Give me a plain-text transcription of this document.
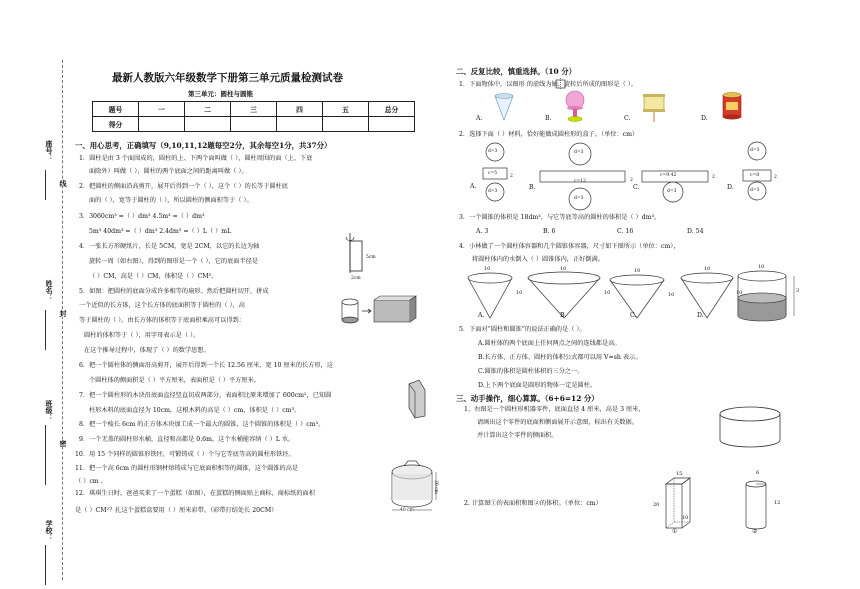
座号：
姓名：
班级：
学校：
线
封
密
最新人教版六年级数学下册第三单元质量检测试卷
第三单元：圆柱与圆锥
题号	一	二	三	四	五	总分
得分						
一、用心思考，正确填写（9,10,11,12题每空2分，其余每空1分，共37分）
1．圆柱是由 3 个面围成的，圆柱的上、下两个面叫做（ ），圆柱周围的面（上、下底
面除外）叫做（ ），圆柱的两个底面之间的距离叫做（ ）。
2．把圆柱的侧面沿高剪开，展开后得到一个（ ），这个（ ）的长等于圆柱底
面的（ ），宽等于圆柱的（ ），所以圆柱的侧面积等于（ ）。
3．3060cm³ =（ ）dm³ 4.5m³ =（ ）dm³
5m³ 40dm³ =（ ）dm³ 2.4dm³ =（ ）L（ ）mL
4．一张长方形硬纸片，长是 5CM，宽是 2CM，以它的长边为轴
旋转一周（如右图），得到的图形是一个（ ），它的底面半径是
（ ）CM，高是（ ）CM，体积是（ ）CM³。
5．如图：把圆柱的底面分成许多相等的扇形。然后把圆柱切开，拼成
一个近似的长方体，这个长方体的底面积等于圆柱的（ ），高
等于圆柱的（ ）。由长方体的体积等于底面积乘高可以得到：
圆柱的体积等于（ ），用字母表示是（ ）。
在这个推导过程中，体现了（ ）的数学思想。
6．把一个圆柱体的侧面沿高剪开，展开后得到一个长 12.56 厘米，宽 10 厘米的长方形，这
个圆柱体的侧面积是（ ）平方厘米，表面积是（ ）平方厘米。
7．把一个圆柱形的木块沿底面直径竖直切成两部分，表面积比原来增加了 600cm²，已知圆
柱形木料的底面直径为 10cm，这根木料的高是（ ）cm，体积是（ ）cm³。
8．把一个棱长 6cm 的正方体木块加工成一个最大的圆锥，这个圆锥的体积是（ ）cm³。
9．一个无盖的圆柱形水桶，直径和高都是 0.6m，这个水桶能容纳（ ）L 水。
10．用 15 个同样的圆锥形铁坯，可锻铸成（ ）个与它等底等高的圆柱形铁坯。
11．把一个高 6cm 的圆柱形钢材熔铸成与它底面积相等的圆锥，这个圆锥的高是
（ ）cm 。
12．琪琪生日时，爸爸买来了一个蛋糕（如图），在蛋糕的侧面贴上商标，商标纸的面积
是（ ）CM²？扎这个蛋糕盒要用（ ）厘米彩带。（彩带打结处长 20CM）
5cm
2cm
30 cm
40 cm
二、反复比较，慎重选择。（10 分）
1．下面物体中，以图形 的虚线为轴，旋转后所成的图形是（ ）。
A.	B.	C.	D.
2．选择下面（ ）材料，恰好能做成圆柱形的盒子。（单位：cm）
d=3
c=5
2
d=3
A.
d=3
c=12	2
d=3
B.
c=9.42	2
d=3
C.
d=3
c=8	2
d=3
D.
3．一个圆锥的体积是 18dm³，与它等底等高的圆柱的体积是（ ）dm³。
A. 3	B. 6	C. 16	D. 54
4．小林做了一个圆柱体容器和几个圆锥体容器，尺寸如下图所示（单位：cm），
将圆柱体内的水倒入（ ）圆锥体内，正好倒满。
10
10
10
10
10
10
10
10
10
3
A.	B.	C.	D.
5．下面对“圆柱和圆锥”的说法正确的是（ ）。
A.圆柱体的两个底面上任何两点之间的连线都是高。
B.长方体、正方体、圆柱的体积公式都可以用 V=sh 表示。
C.圆锥的体积是圆柱体积的三分之一。
D.上下两个底面是圆形的物体一定是圆柱。
三、动手操作，细心算算。（6+6=12 分）
1、右图是一个圆柱形机器零件，底面直径 4 厘米，高是 3 厘米，
请画出这个零件的底面和侧面展开示意图，标出有关数据。
并计算出这个零件的侧面积。
2. 计算图①的表面积和图②的体积。（单位：cm）
15
20
10
①
6
12
②
